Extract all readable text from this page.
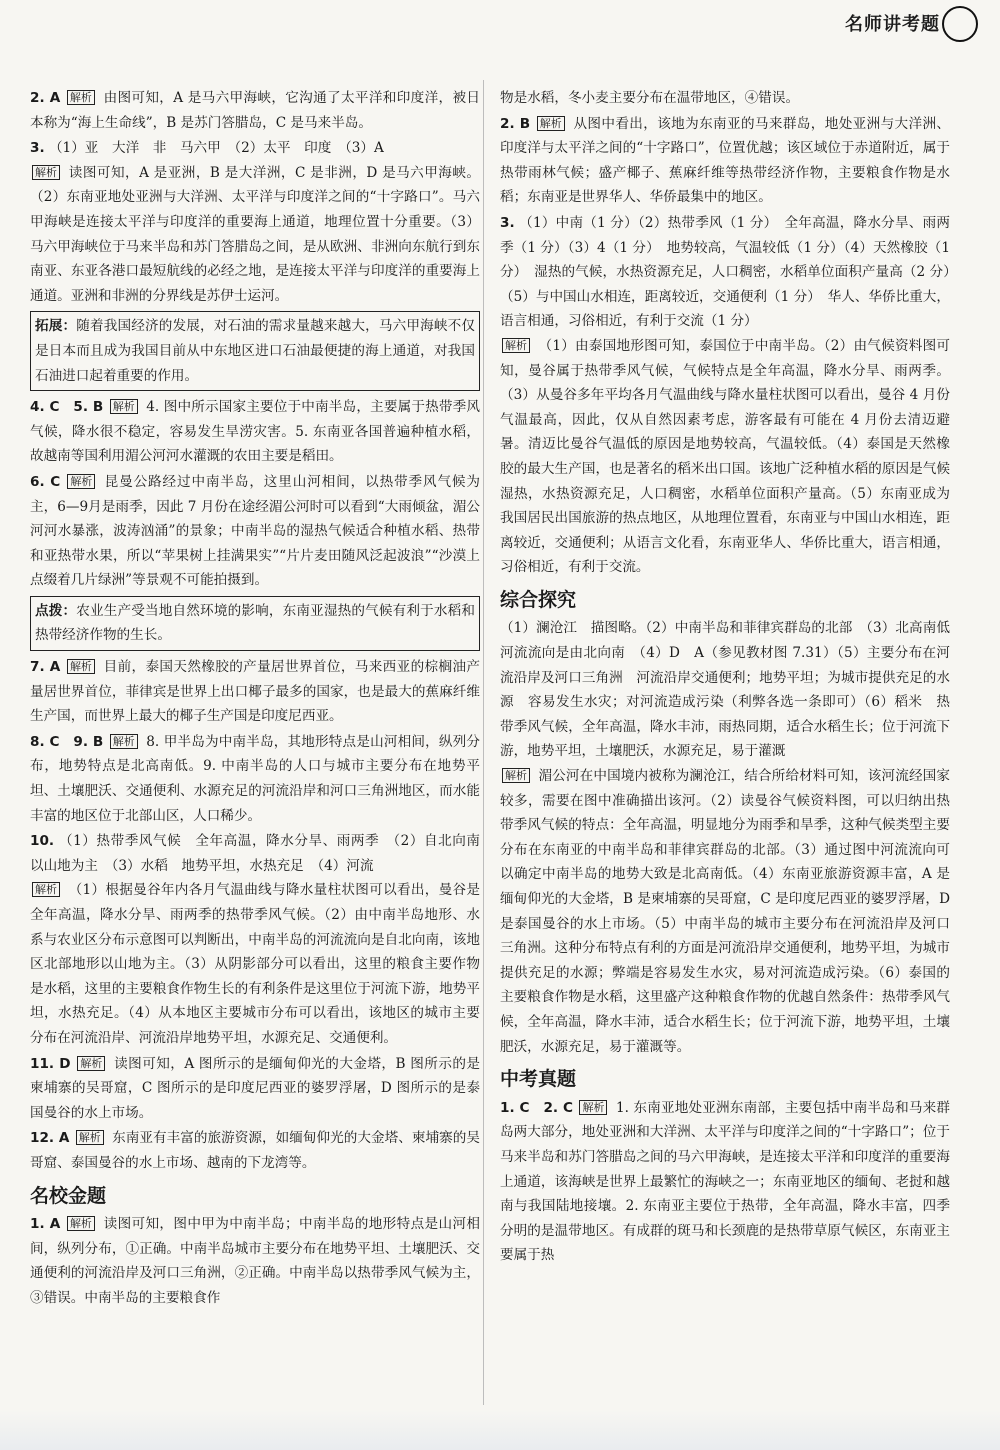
名师讲考题
2. A 解析 由图可知，A 是马六甲海峡，它沟通了太平洋和印度洋，被日本称为“海上生命线”，B 是苏门答腊岛，C 是马来半岛。
3. （1）亚　大洋　非　马六甲　（2）太平　印度　（3）A
解析 读图可知，A 是亚洲，B 是大洋洲，C 是非洲，D 是马六甲海峡。（2）东南亚地处亚洲与大洋洲、太平洋与印度洋之间的“十字路口”。马六甲海峡是连接太平洋与印度洋的重要海上通道，地理位置十分重要。（3）马六甲海峡位于马来半岛和苏门答腊岛之间，是从欧洲、非洲向东航行到东南亚、东亚各港口最短航线的必经之地，是连接太平洋与印度洋的重要海上通道。亚洲和非洲的分界线是苏伊士运河。
拓展：随着我国经济的发展，对石油的需求量越来越大，马六甲海峡不仅是日本而且成为我国目前从中东地区进口石油最便捷的海上通道，对我国石油进口起着重要的作用。
4. C　5. B 解析 4. 图中所示国家主要位于中南半岛，主要属于热带季风气候，降水很不稳定，容易发生旱涝灾害。5. 东南亚各国普遍种植水稻，故越南等国利用湄公河河水灌溉的农田主要是稻田。
6. C 解析 昆曼公路经过中南半岛，这里山河相间，以热带季风气候为主，6—9月是雨季，因此 7 月份在途经湄公河时可以看到“大雨倾盆，湄公河河水暴涨，波涛汹涌”的景象；中南半岛的湿热气候适合种植水稻、热带和亚热带水果，所以“苹果树上挂满果实”“片片麦田随风泛起波浪”“沙漠上点缀着几片绿洲”等景观不可能拍摄到。
点拨：农业生产受当地自然环境的影响，东南亚湿热的气候有利于水稻和热带经济作物的生长。
7. A 解析 目前，泰国天然橡胶的产量居世界首位，马来西亚的棕榈油产量居世界首位，菲律宾是世界上出口椰子最多的国家，也是最大的蕉麻纤维生产国，而世界上最大的椰子生产国是印度尼西亚。
8. C　9. B 解析 8. 甲半岛为中南半岛，其地形特点是山河相间，纵列分布，地势特点是北高南低。9. 中南半岛的人口与城市主要分布在地势平坦、土壤肥沃、交通便利、水源充足的河流沿岸和河口三角洲地区，而水能丰富的地区位于北部山区，人口稀少。
10. （1）热带季风气候　全年高温，降水分旱、雨两季　（2）自北向南　以山地为主　（3）水稻　地势平坦，水热充足　（4）河流
解析 （1）根据曼谷年内各月气温曲线与降水量柱状图可以看出，曼谷是全年高温，降水分旱、雨两季的热带季风气候。（2）由中南半岛地形、水系与农业区分布示意图可以判断出，中南半岛的河流流向是自北向南，该地区北部地形以山地为主。（3）从阴影部分可以看出，这里的粮食主要作物是水稻，这里的主要粮食作物生长的有利条件是这里位于河流下游，地势平坦，水热充足。（4）从本地区主要城市分布可以看出，该地区的城市主要分布在河流沿岸、河流沿岸地势平坦，水源充足、交通便利。
11. D 解析 读图可知，A 图所示的是缅甸仰光的大金塔，B 图所示的是柬埔寨的吴哥窟，C 图所示的是印度尼西亚的婆罗浮屠，D 图所示的是泰国曼谷的水上市场。
12. A 解析 东南亚有丰富的旅游资源，如缅甸仰光的大金塔、柬埔寨的吴哥窟、泰国曼谷的水上市场、越南的下龙湾等。
名校金题
1. A 解析 读图可知，图中甲为中南半岛；中南半岛的地形特点是山河相间，纵列分布，①正确。中南半岛城市主要分布在地势平坦、土壤肥沃、交通便利的河流沿岸及河口三角洲，②正确。中南半岛以热带季风气候为主，③错误。中南半岛的主要粮食作
物是水稻，冬小麦主要分布在温带地区，④错误。
2. B 解析 从图中看出，该地为东南亚的马来群岛，地处亚洲与大洋洲、印度洋与太平洋之间的“十字路口”，位置优越；该区域位于赤道附近，属于热带雨林气候；盛产椰子、蕉麻纤维等热带经济作物，主要粮食作物是水稻；东南亚是世界华人、华侨最集中的地区。
3. （1）中南（1 分）（2）热带季风（1 分）　全年高温，降水分旱、雨两季（1 分）（3）4（1 分）　地势较高，气温较低（1 分）（4）天然橡胶（1 分）　湿热的气候，水热资源充足，人口稠密，水稻单位面积产量高（2 分）（5）与中国山水相连，距离较近，交通便利（1 分）　华人、华侨比重大，语言相通，习俗相近，有利于交流（1 分）
解析 （1）由泰国地形图可知，泰国位于中南半岛。（2）由气候资料图可知，曼谷属于热带季风气候，气候特点是全年高温，降水分旱、雨两季。（3）从曼谷多年平均各月气温曲线与降水量柱状图可以看出，曼谷 4 月份气温最高，因此，仅从自然因素考虑，游客最有可能在 4 月份去清迈避暑。清迈比曼谷气温低的原因是地势较高，气温较低。（4）泰国是天然橡胶的最大生产国，也是著名的稻米出口国。该地广泛种植水稻的原因是气候湿热，水热资源充足，人口稠密，水稻单位面积产量高。（5）东南亚成为我国居民出国旅游的热点地区，从地理位置看，东南亚与中国山水相连，距离较近，交通便利；从语言文化看，东南亚华人、华侨比重大，语言相通，习俗相近，有利于交流。
综合探究
（1）澜沧江　描图略。（2）中南半岛和菲律宾群岛的北部　（3）北高南低　河流流向是由北向南　（4）D　A（参见教材图 7.31）（5）主要分布在河流沿岸及河口三角洲　河流沿岸交通便利；地势平坦；为城市提供充足的水源　容易发生水灾；对河流造成污染（利弊各选一条即可）（6）稻米　热带季风气候，全年高温，降水丰沛，雨热同期，适合水稻生长；位于河流下游，地势平坦，土壤肥沃，水源充足，易于灌溉
解析 湄公河在中国境内被称为澜沧江，结合所给材料可知，该河流经国家较多，需要在图中准确描出该河。（2）读曼谷气候资料图，可以归纳出热带季风气候的特点：全年高温，明显地分为雨季和旱季，这种气候类型主要分布在东南亚的中南半岛和菲律宾群岛的北部。（3）通过图中河流流向可以确定中南半岛的地势大致是北高南低。（4）东南亚旅游资源丰富，A 是缅甸仰光的大金塔，B 是柬埔寨的吴哥窟，C 是印度尼西亚的婆罗浮屠，D 是泰国曼谷的水上市场。（5）中南半岛的城市主要分布在河流沿岸及河口三角洲。这种分布特点有利的方面是河流沿岸交通便利，地势平坦，为城市提供充足的水源；弊端是容易发生水灾，易对河流造成污染。（6）泰国的主要粮食作物是水稻，这里盛产这种粮食作物的优越自然条件：热带季风气候，全年高温，降水丰沛，适合水稻生长；位于河流下游，地势平坦，土壤肥沃，水源充足，易于灌溉等。
中考真题
1. C　2. C 解析 1. 东南亚地处亚洲东南部，主要包括中南半岛和马来群岛两大部分，地处亚洲和大洋洲、太平洋与印度洋之间的“十字路口”；位于马来半岛和苏门答腊岛之间的马六甲海峡，是连接太平洋和印度洋的重要海上通道，该海峡是世界上最繁忙的海峡之一；东南亚地区的缅甸、老挝和越南与我国陆地接壤。2. 东南亚主要位于热带，全年高温，降水丰富，四季分明的是温带地区。有成群的斑马和长颈鹿的是热带草原气候区，东南亚主要属于热
